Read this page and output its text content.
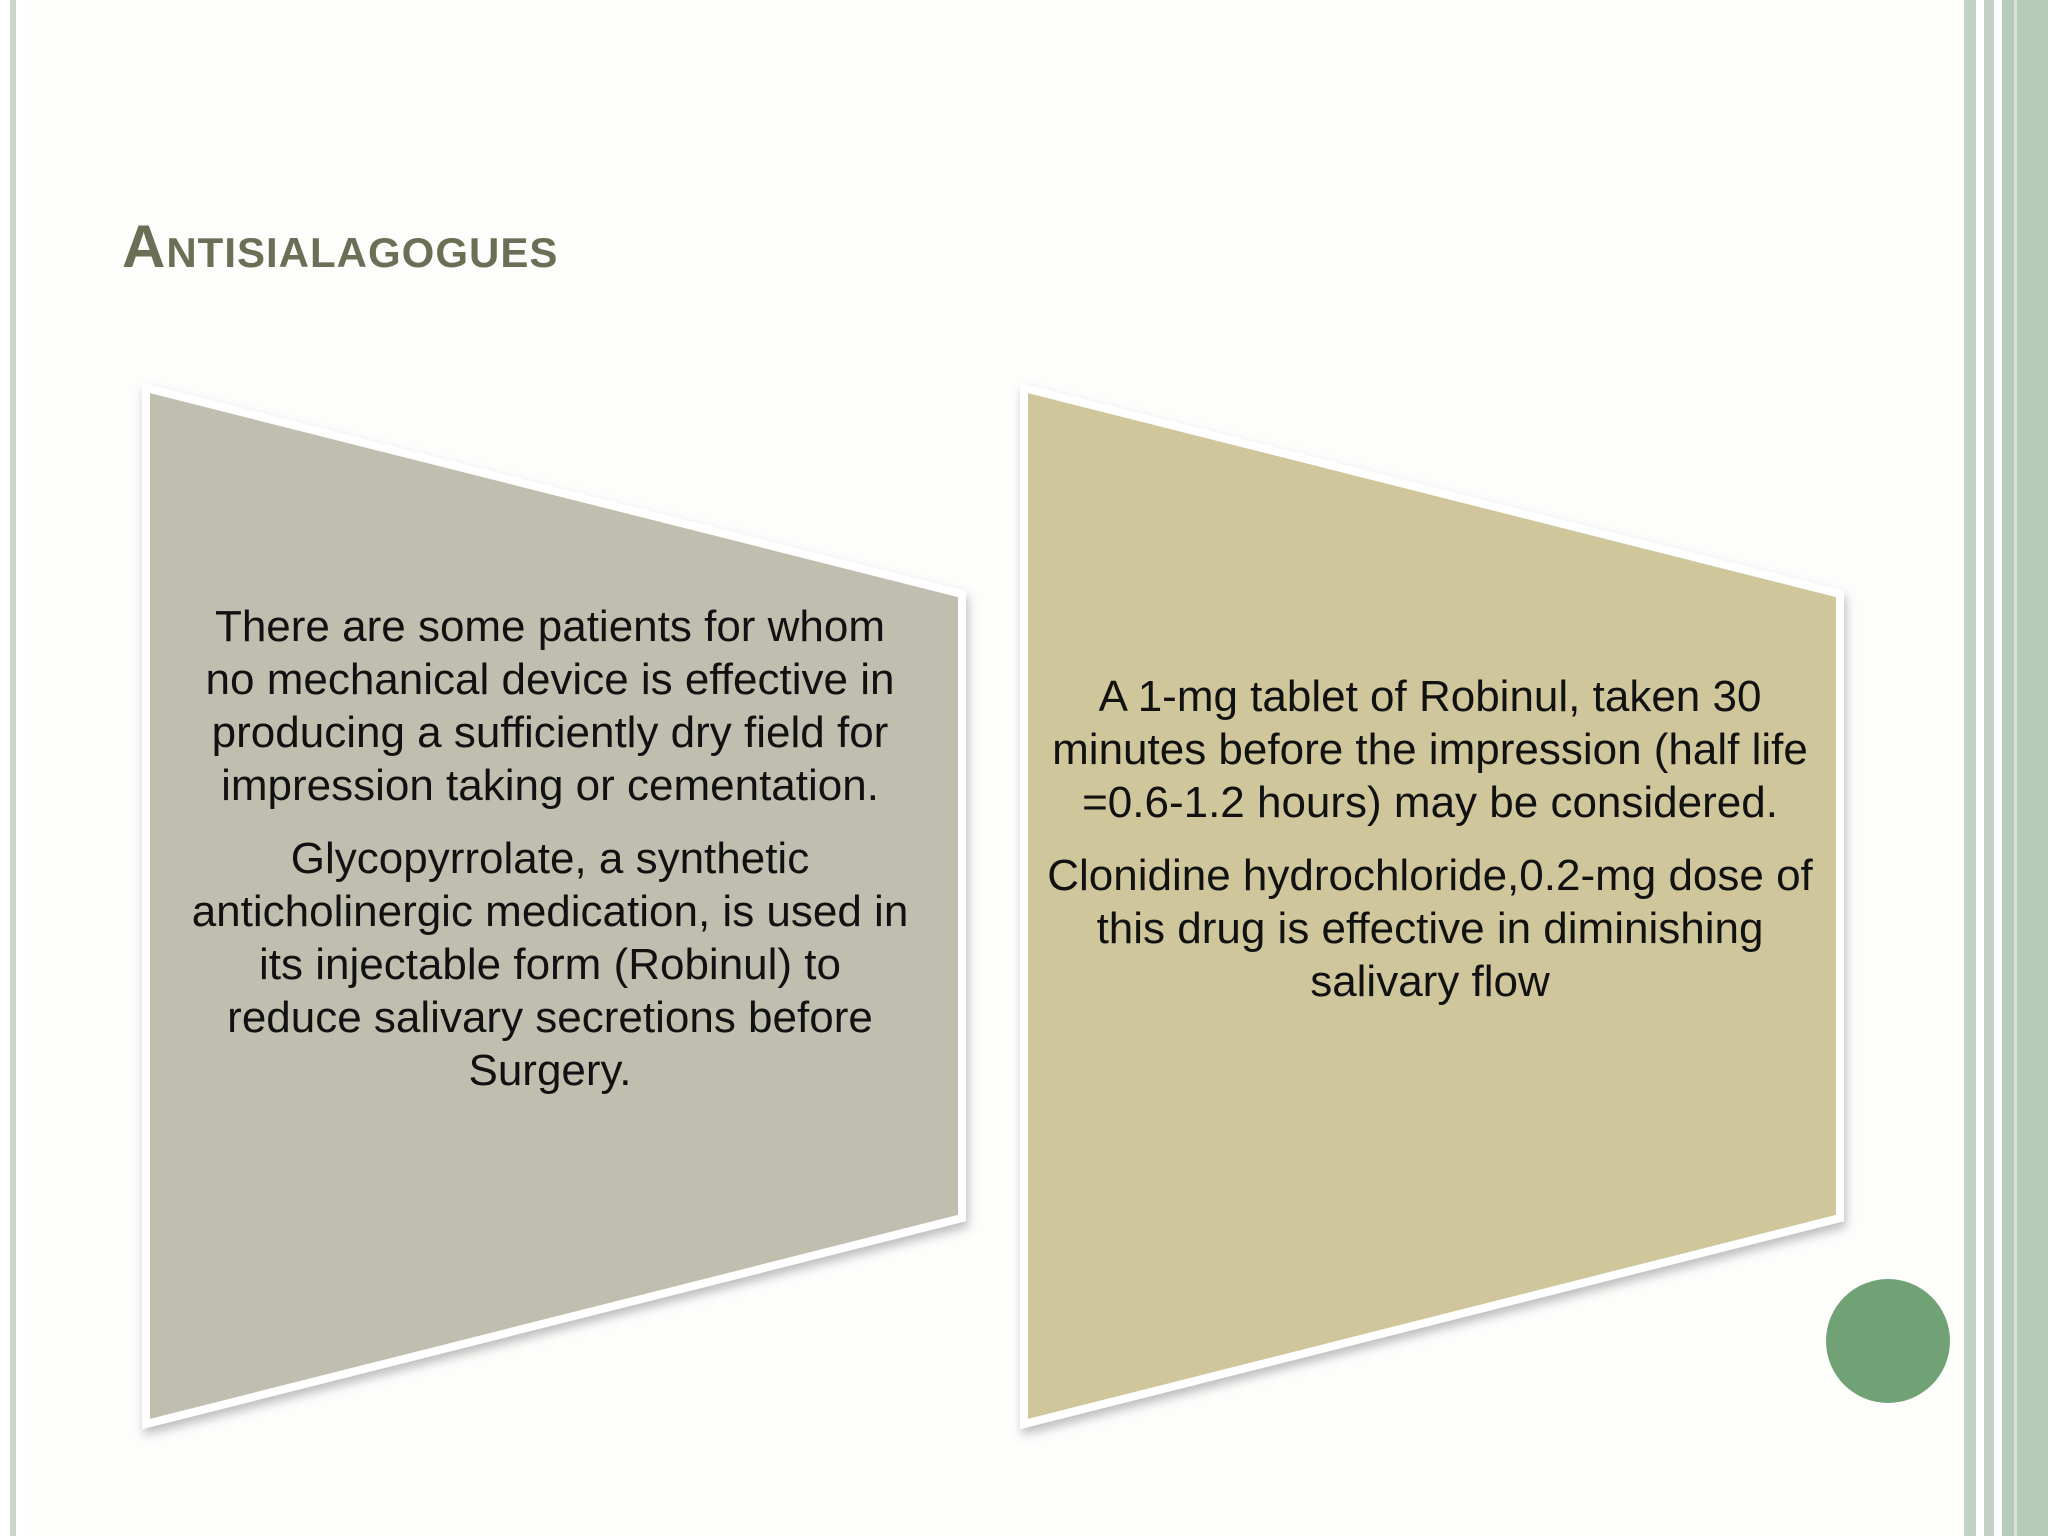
Antisialagogues

There are some patients for whom no mechanical device is effective in producing a sufficiently dry field for impression taking or cementation.

Glycopyrrolate, a synthetic anticholinergic medication, is used in its injectable form (Robinul) to reduce salivary secretions before Surgery.

A 1-mg tablet of Robinul, taken 30 minutes before the impression (half life =0.6-1.2 hours) may be considered.

Clonidine hydrochloride,0.2-mg dose of this drug is effective in diminishing salivary flow
